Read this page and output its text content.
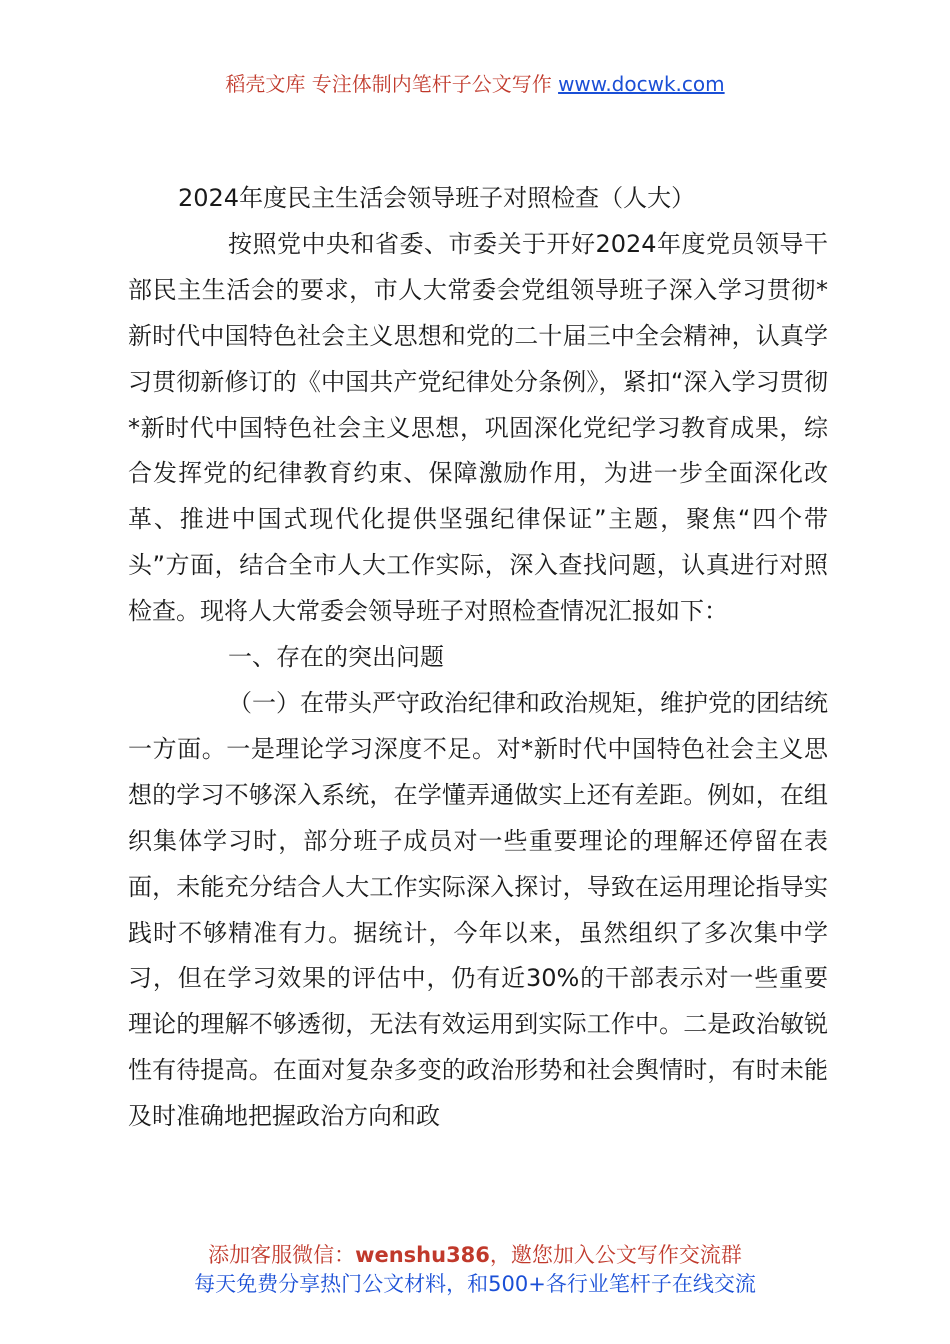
稻壳文库 专注体制内笔杆子公文写作 www.docwk.com

2024年度民主生活会领导班子对照检查（人大）

按照党中央和省委、市委关于开好2024年度党员领导干部民主生活会的要求，市人大常委会党组领导班子深入学习贯彻*新时代中国特色社会主义思想和党的二十届三中全会精神，认真学习贯彻新修订的《中国共产党纪律处分条例》，紧扣“深入学习贯彻*新时代中国特色社会主义思想，巩固深化党纪学习教育成果，综合发挥党的纪律教育约束、保障激励作用，为进一步全面深化改革、推进中国式现代化提供坚强纪律保证”主题，聚焦“四个带头”方面，结合全市人大工作实际，深入查找问题，认真进行对照检查。现将人大常委会领导班子对照检查情况汇报如下：

一、存在的突出问题

（一）在带头严守政治纪律和政治规矩，维护党的团结统一方面。一是理论学习深度不足。对*新时代中国特色社会主义思想的学习不够深入系统，在学懂弄通做实上还有差距。例如，在组织集体学习时，部分班子成员对一些重要理论的理解还停留在表面，未能充分结合人大工作实际深入探讨，导致在运用理论指导实践时不够精准有力。据统计，今年以来，虽然组织了多次集中学习，但在学习效果的评估中，仍有近30%的干部表示对一些重要理论的理解不够透彻，无法有效运用到实际工作中。二是政治敏锐性有待提高。在面对复杂多变的政治形势和社会舆情时，有时未能及时准确地把握政治方向和政

添加客服微信：wenshu386，邀您加入公文写作交流群
每天免费分享热门公文材料，和500+各行业笔杆子在线交流
